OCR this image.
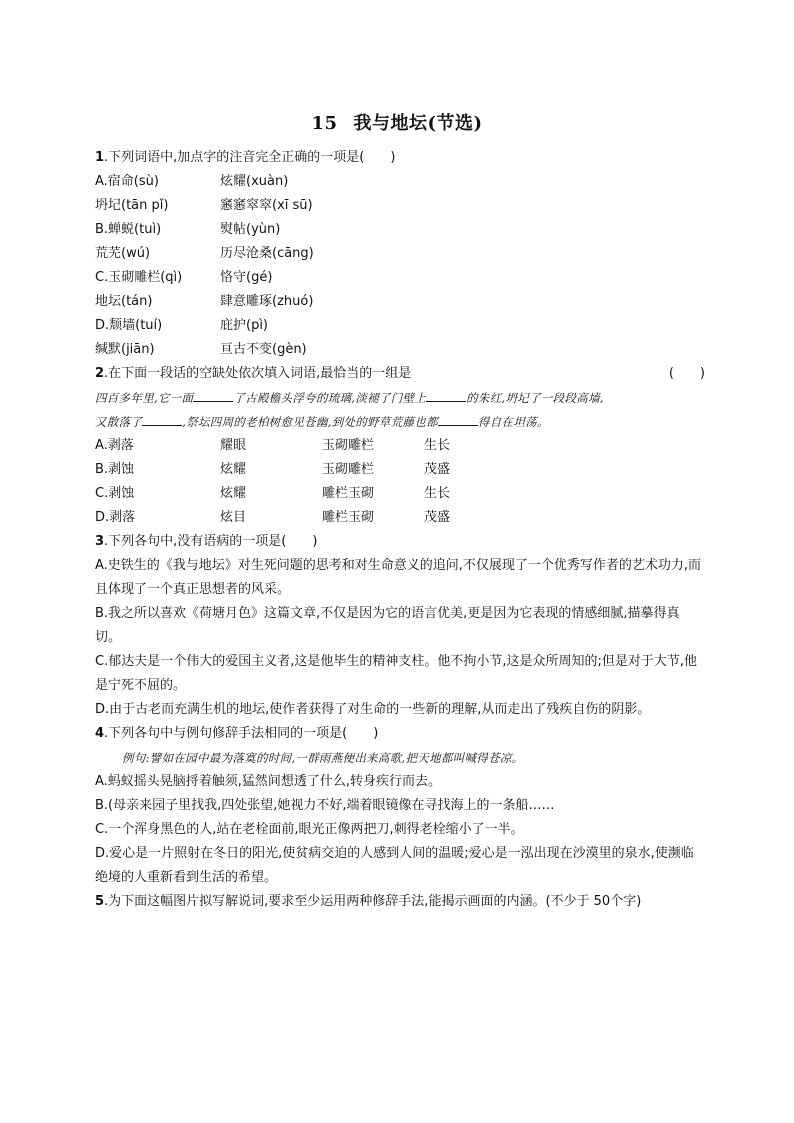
15 我与地坛(节选)
1.下列词语中,加点字的注音完全正确的一项是(　　)
A.宿命(sù)	炫耀(xuàn)
坍圮(tān pǐ)	窸窸窣窣(xī sū)
B.蝉蜕(tuì)	熨帖(yùn)
荒芜(wú)	历尽沧桑(cāng)
C.玉砌雕栏(qì)	恪守(gé)
地坛(tán)	肆意雕琢(zhuó)
D.颓墙(tuí)	庇护(pì)
缄默(jiān)	亘古不变(gèn)
2.在下面一段话的空缺处依次填入词语,最恰当的一组是	(　　)
四百多年里,它一面	了古殿檐头浮夸的琉璃,淡褪了门壁上	的朱红,坍圮了一段段高墙,
又散落了	,祭坛四周的老柏树愈见苍幽,到处的野草荒藤也都	得自在坦荡。
A.剥落	耀眼	玉砌雕栏	生长
B.剥蚀	炫耀	玉砌雕栏	茂盛
C.剥蚀	炫耀	雕栏玉砌	生长
D.剥落	炫目	雕栏玉砌	茂盛
3.下列各句中,没有语病的一项是(　　)
A.史铁生的《我与地坛》对生死问题的思考和对生命意义的追问,不仅展现了一个优秀写作者的艺术功力,而且体现了一个真正思想者的风采。
B.我之所以喜欢《荷塘月色》这篇文章,不仅是因为它的语言优美,更是因为它表现的情感细腻,描摹得真切。
C.郁达夫是一个伟大的爱国主义者,这是他毕生的精神支柱。他不拘小节,这是众所周知的;但是对于大节,他是宁死不屈的。
D.由于古老而充满生机的地坛,使作者获得了对生命的一些新的理解,从而走出了残疾自伤的阴影。
4.下列各句中与例句修辞手法相同的一项是(　　)
例句:譬如在园中最为落寞的时间,一群雨燕便出来高歌,把天地都叫喊得苍凉。
A.蚂蚁摇头晃脑捋着触须,猛然间想透了什么,转身疾行而去。
B.(母亲来园子里找我,四处张望,她视力不好,端着眼镜像在寻找海上的一条船……
C.一个浑身黑色的人,站在老栓面前,眼光正像两把刀,刺得老栓缩小了一半。
D.爱心是一片照射在冬日的阳光,使贫病交迫的人感到人间的温暖;爱心是一泓出现在沙漠里的泉水,使濒临绝境的人重新看到生活的希望。
5.为下面这幅图片拟写解说词,要求至少运用两种修辞手法,能揭示画面的内涵。(不少于 50个字)
